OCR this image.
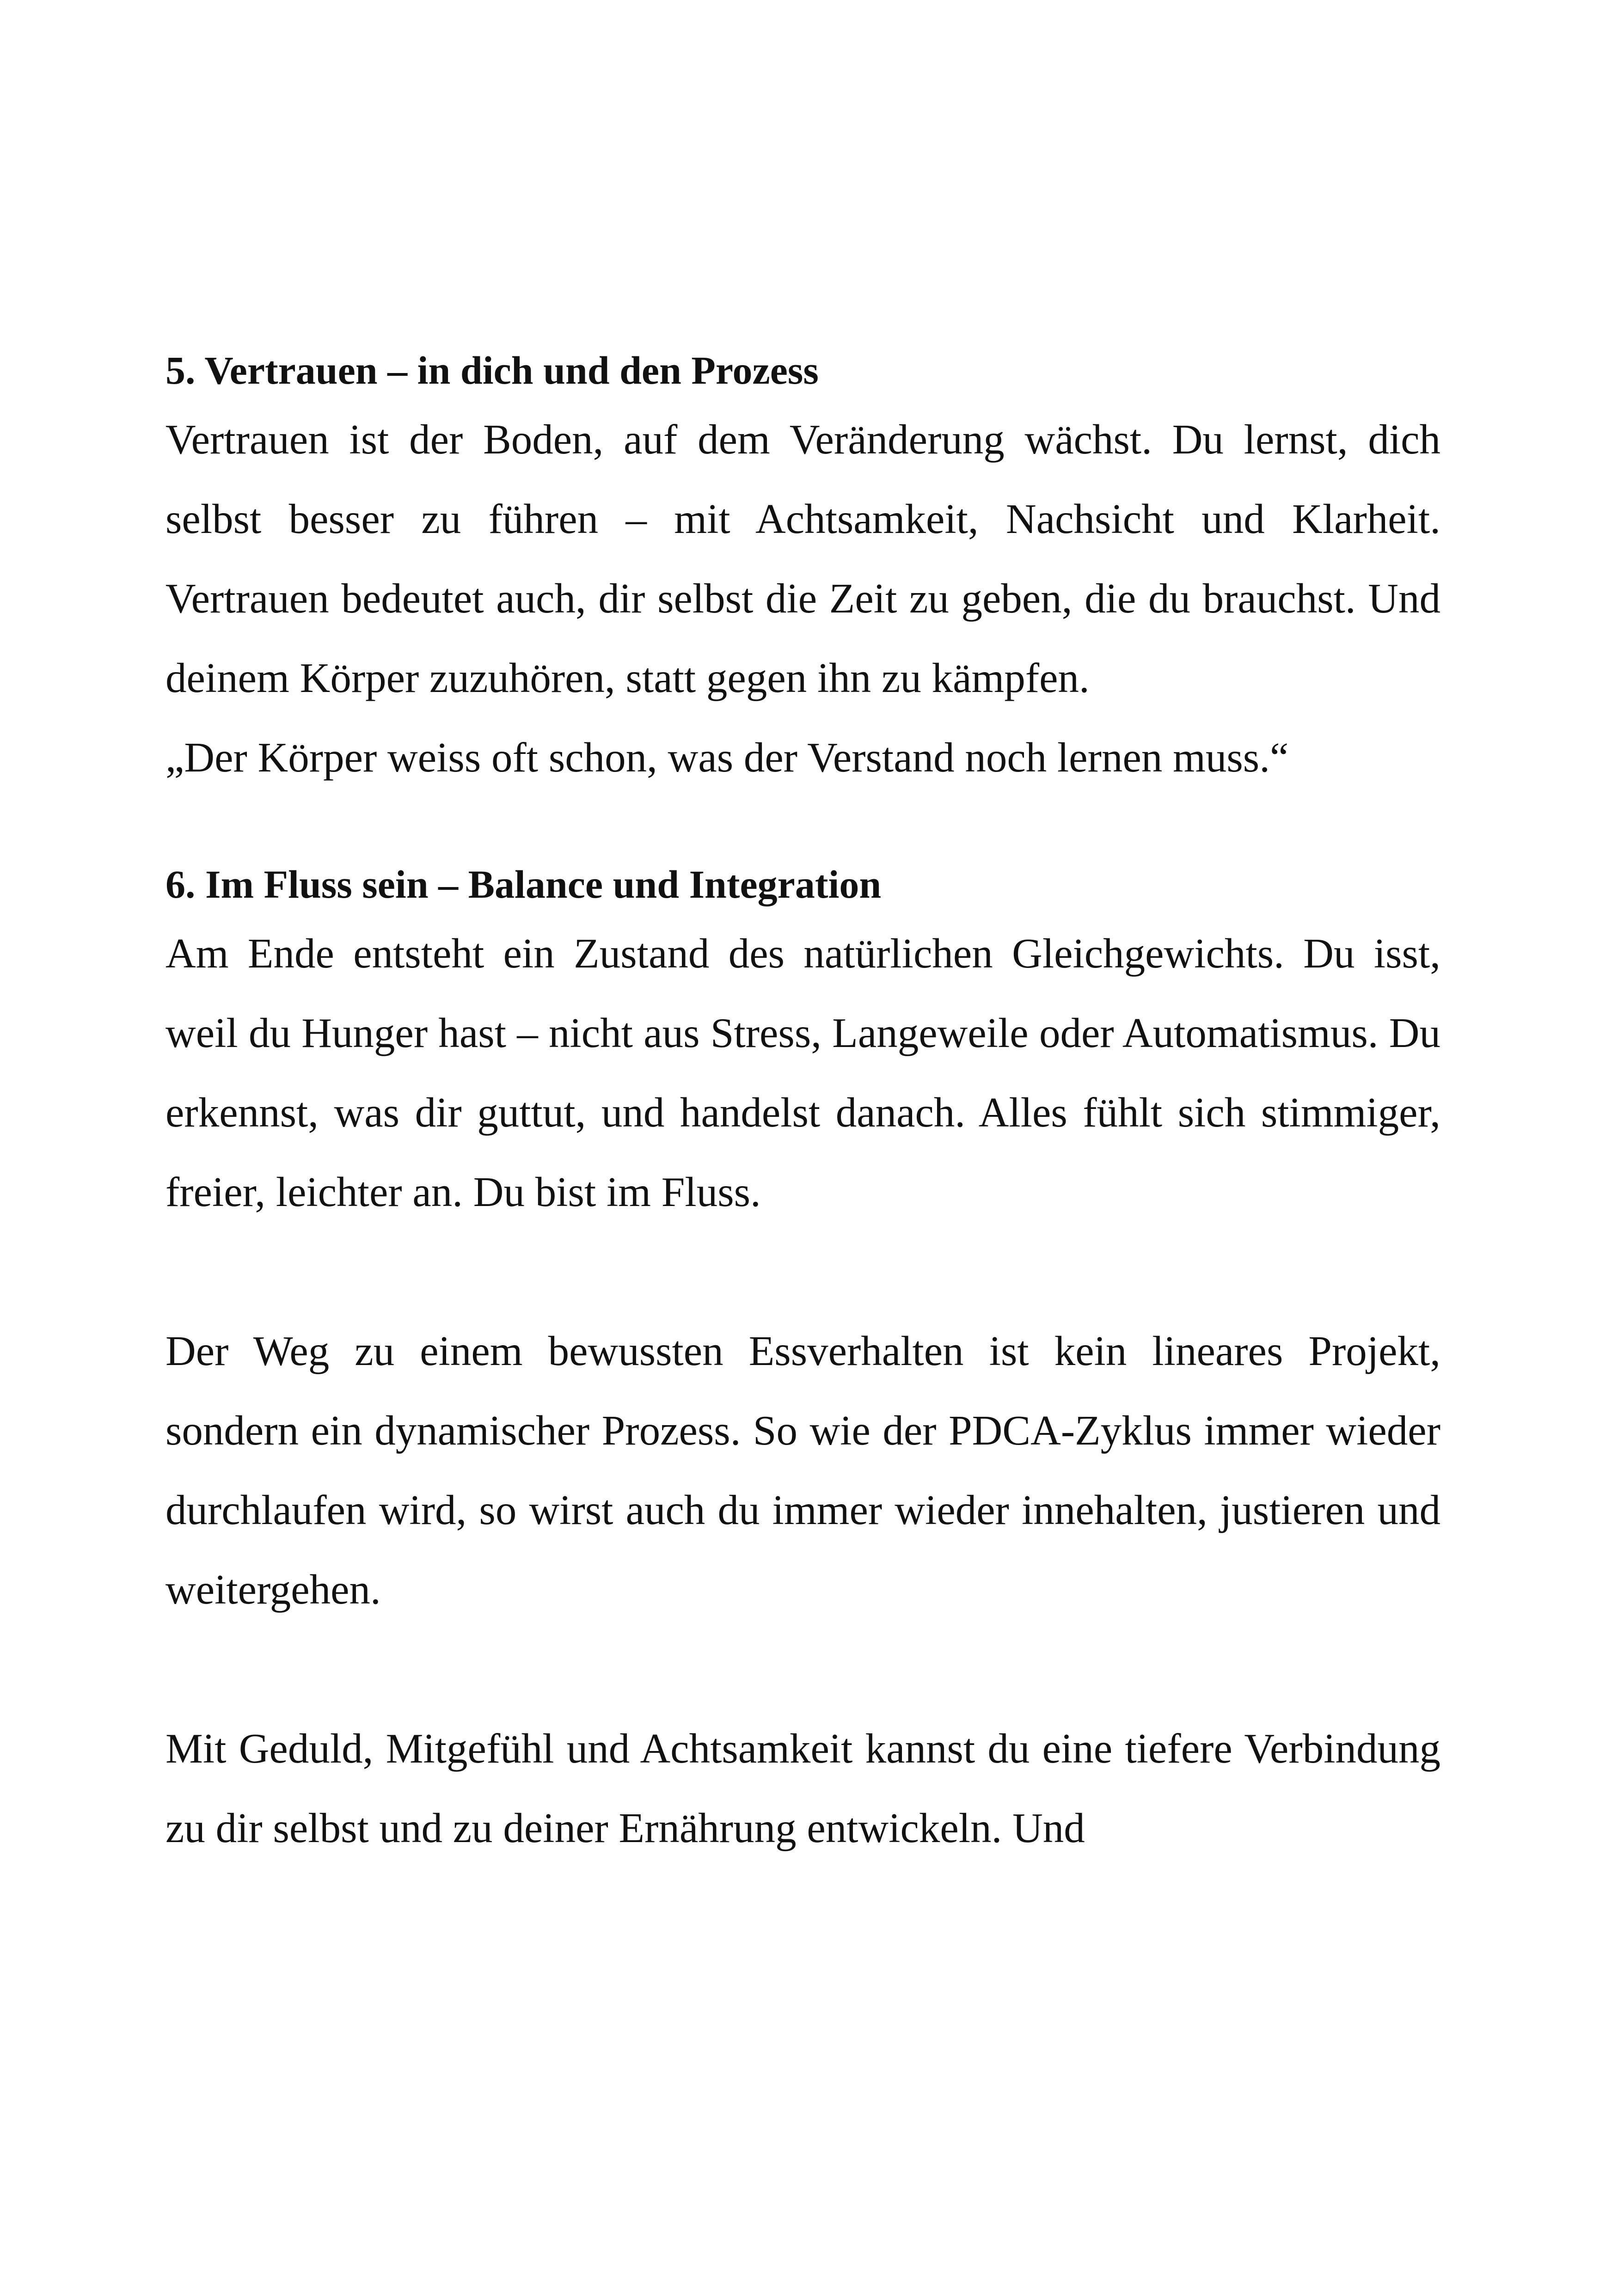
5. Vertrauen – in dich und den Prozess

Vertrauen ist der Boden, auf dem Veränderung wächst. Du lernst, dich selbst besser zu führen – mit Achtsamkeit, Nachsicht und Klarheit. Vertrauen bedeutet auch, dir selbst die Zeit zu geben, die du brauchst. Und deinem Körper zuzuhören, statt gegen ihn zu kämpfen.

„Der Körper weiss oft schon, was der Verstand noch lernen muss.“

6. Im Fluss sein – Balance und Integration

Am Ende entsteht ein Zustand des natürlichen Gleichgewichts. Du isst, weil du Hunger hast – nicht aus Stress, Langeweile oder Automatismus. Du erkennst, was dir guttut, und handelst danach. Alles fühlt sich stimmiger, freier, leichter an. Du bist im Fluss.

Der Weg zu einem bewussten Essverhalten ist kein lineares Projekt, sondern ein dynamischer Prozess. So wie der PDCA-Zyklus immer wieder durchlaufen wird, so wirst auch du immer wieder innehalten, justieren und weitergehen.

Mit Geduld, Mitgefühl und Achtsamkeit kannst du eine tiefere Verbindung zu dir selbst und zu deiner Ernährung entwickeln. Und
